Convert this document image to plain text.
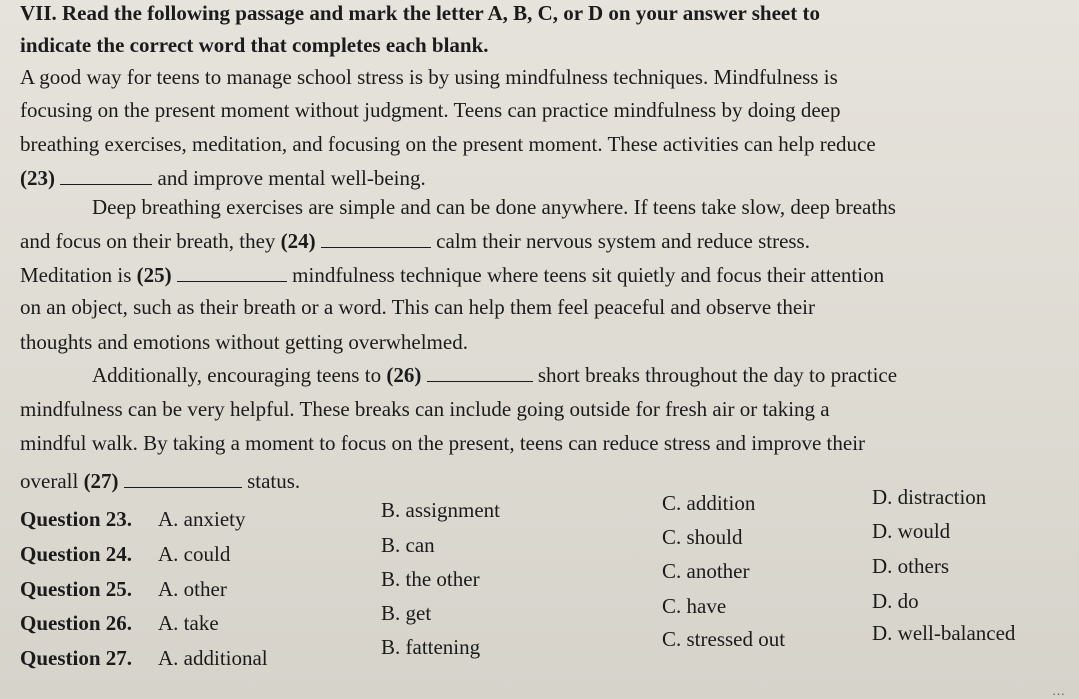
VII. Read the following passage and mark the letter A, B, C, or D on your answer sheet to
indicate the correct word that completes each blank.
A good way for teens to manage school stress is by using mindfulness techniques. Mindfulness is
focusing on the present moment without judgment. Teens can practice mindfulness by doing deep
breathing exercises, meditation, and focusing on the present moment. These activities can help reduce
(23)	and improve mental well-being.
Deep breathing exercises are simple and can be done anywhere. If teens take slow, deep breaths
and focus on their breath, they (24)	calm their nervous system and reduce stress.
Meditation is (25)	mindfulness technique where teens sit quietly and focus their attention
on an object, such as their breath or a word. This can help them feel peaceful and observe their
thoughts and emotions without getting overwhelmed.
Additionally, encouraging teens to (26)	short breaks throughout the day to practice
mindfulness can be very helpful. These breaks can include going outside for fresh air or taking a
mindful walk. By taking a moment to focus on the present, teens can reduce stress and improve their
overall (27)	status.
Question 23. A. anxiety	B. assignment	C. addition	D. distraction
Question 24. A. could	B. can	C. should	D. would
Question 25. A. other	B. the other	C. another	D. others
Question 26. A. take	B. get	C. have	D. do
Question 27. A. additional	B. fattening	C. stressed out	D. well-balanced
…
